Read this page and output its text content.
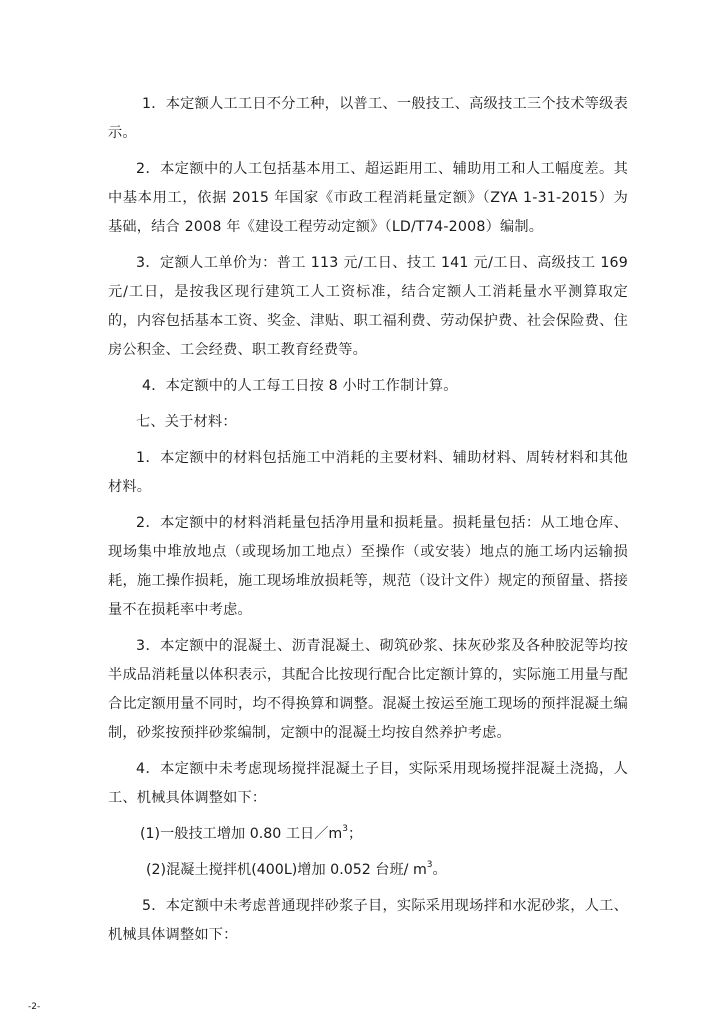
1．本定额人工工日不分工种，以普工、一般技工、高级技工三个技术等级表示。

2．本定额中的人工包括基本用工、超运距用工、辅助用工和人工幅度差。其中基本用工，依据 2015 年国家《市政工程消耗量定额》（ZYA 1-31-2015）为基础，结合 2008 年《建设工程劳动定额》（LD/T74-2008）编制。

3．定额人工单价为：普工 113 元/工日、技工 141 元/工日、高级技工 169 元/工日，是按我区现行建筑工人工资标准，结合定额人工消耗量水平测算取定的，内容包括基本工资、奖金、津贴、职工福利费、劳动保护费、社会保险费、住房公积金、工会经费、职工教育经费等。

4．本定额中的人工每工日按 8 小时工作制计算。

七、关于材料：

1．本定额中的材料包括施工中消耗的主要材料、辅助材料、周转材料和其他材料。

2．本定额中的材料消耗量包括净用量和损耗量。损耗量包括：从工地仓库、现场集中堆放地点（或现场加工地点）至操作（或安装）地点的施工场内运输损耗，施工操作损耗，施工现场堆放损耗等，规范（设计文件）规定的预留量、搭接量不在损耗率中考虑。

3．本定额中的混凝土、沥青混凝土、砌筑砂浆、抹灰砂浆及各种胶泥等均按半成品消耗量以体积表示，其配合比按现行配合比定额计算的，实际施工用量与配合比定额用量不同时，均不得换算和调整。混凝土按运至施工现场的预拌混凝土编制，砂浆按预拌砂浆编制，定额中的混凝土均按自然养护考虑。

4．本定额中未考虑现场搅拌混凝土子目，实际采用现场搅拌混凝土浇捣，人工、机械具体调整如下：

(1)一般技工增加 0.80 工日$/m^3$；

(2)混凝土搅拌机(400L)增加 0.052 台班/ $m^3$。

5．本定额中未考虑普通现拌砂浆子目，实际采用现场拌和水泥砂浆，人工、机械具体调整如下：

-2-
